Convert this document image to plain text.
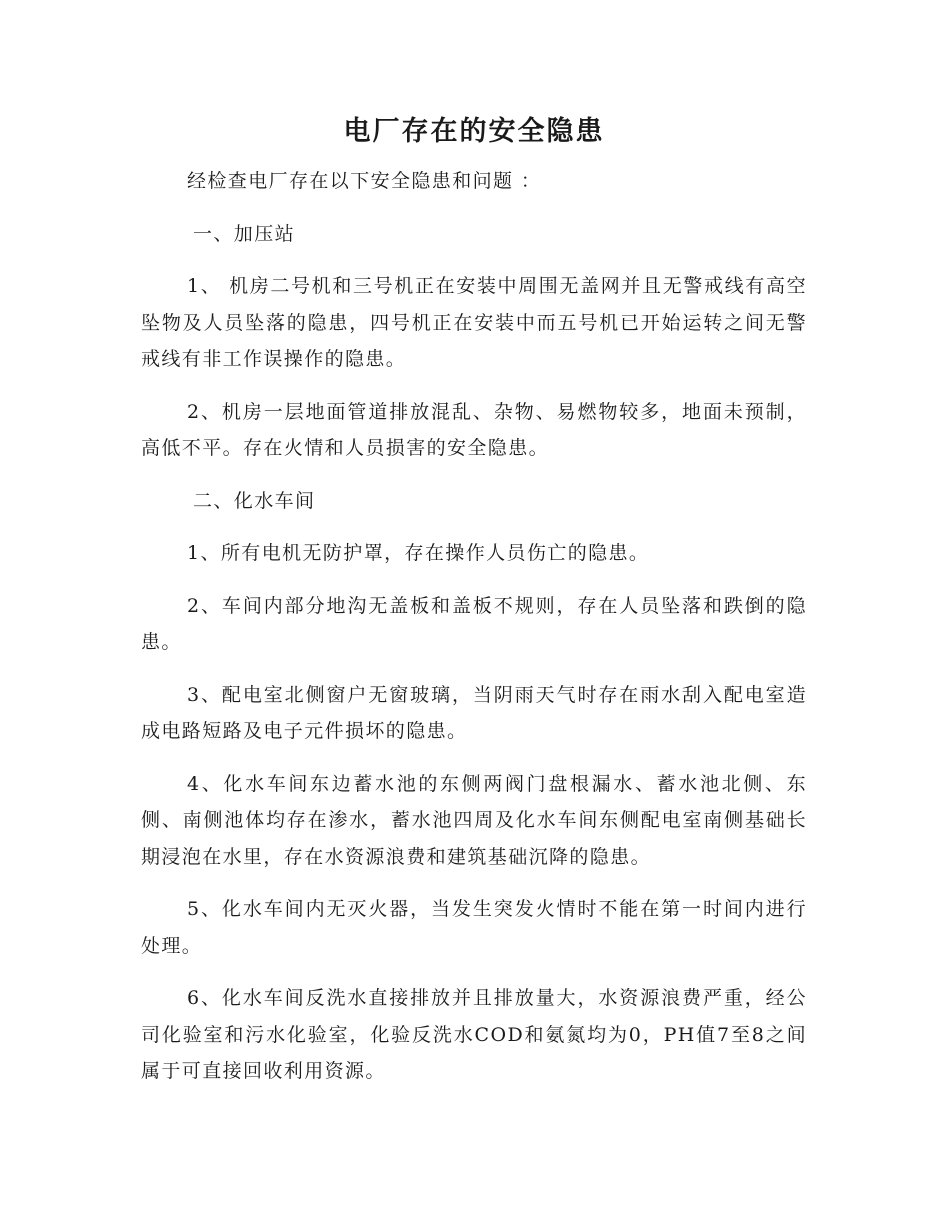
电厂存在的安全隐患

经检查电厂存在以下安全隐患和问题 ：

一、加压站

1、 机房二号机和三号机正在安装中周围无盖网并且无警戒线有高空坠物及人员坠落的隐患，四号机正在安装中而五号机已开始运转之间无警戒线有非工作误操作的隐患。

2、机房一层地面管道排放混乱、杂物、易燃物较多，地面未预制，高低不平。存在火情和人员损害的安全隐患。

二、化水车间

1、所有电机无防护罩，存在操作人员伤亡的隐患。

2、车间内部分地沟无盖板和盖板不规则，存在人员坠落和跌倒的隐患。

3、配电室北侧窗户无窗玻璃，当阴雨天气时存在雨水刮入配电室造成电路短路及电子元件损坏的隐患。

4、化水车间东边蓄水池的东侧两阀门盘根漏水、蓄水池北侧、东侧、南侧池体均存在渗水，蓄水池四周及化水车间东侧配电室南侧基础长期浸泡在水里，存在水资源浪费和建筑基础沉降的隐患。

5、化水车间内无灭火器，当发生突发火情时不能在第一时间内进行处理。

6、化水车间反洗水直接排放并且排放量大，水资源浪费严重，经公司化验室和污水化验室，化验反洗水COD和氨氮均为0，PH值7至8之间属于可直接回收利用资源。
